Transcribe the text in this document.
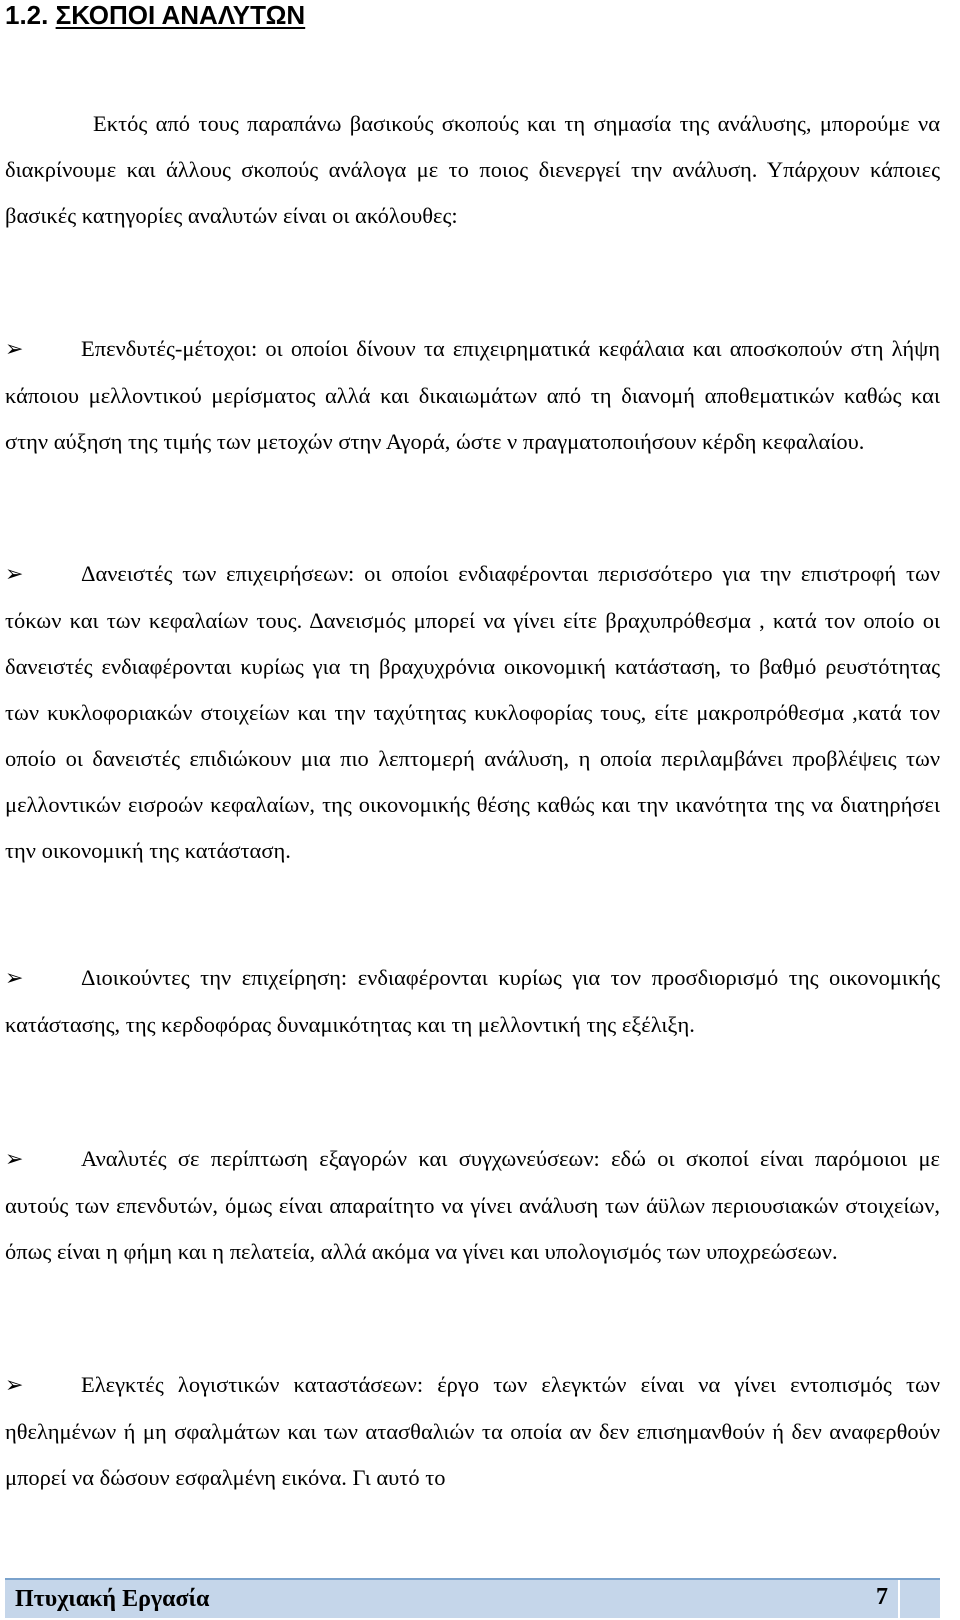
1.2. ΣΚΟΠΟΙ ΑΝΑΛΥΤΩΝ

Εκτός από τους παραπάνω βασικούς σκοπούς και τη σημασία της ανάλυσης, μπορούμε να διακρίνουμε και άλλους σκοπούς ανάλογα με το ποιος διενεργεί την ανάλυση. Υπάρχουν κάποιες βασικές κατηγορίες αναλυτών είναι οι ακόλουθες:

➢	Επενδυτές-μέτοχοι: οι οποίοι δίνουν τα επιχειρηματικά κεφάλαια και αποσκοπούν στη λήψη κάποιου μελλοντικού μερίσματος αλλά και δικαιωμάτων από τη διανομή αποθεματικών καθώς και στην αύξηση της τιμής των μετοχών στην Αγορά, ώστε ν πραγματοποιήσουν κέρδη κεφαλαίου.

➢	Δανειστές των επιχειρήσεων: οι οποίοι ενδιαφέρονται περισσότερο για την επιστροφή των τόκων και των κεφαλαίων τους. Δανεισμός μπορεί να γίνει είτε βραχυπρόθεσμα , κατά τον οποίο οι δανειστές ενδιαφέρονται κυρίως για τη βραχυχρόνια οικονομική κατάσταση, το βαθμό ρευστότητας των κυκλοφοριακών στοιχείων και την ταχύτητας κυκλοφορίας τους, είτε μακροπρόθεσμα ,κατά τον οποίο οι δανειστές επιδιώκουν μια πιο λεπτομερή ανάλυση, η οποία περιλαμβάνει προβλέψεις των μελλοντικών εισροών κεφαλαίων, της οικονομικής θέσης καθώς και την ικανότητα της να διατηρήσει την οικονομική της κατάσταση.

➢	Διοικούντες την επιχείρηση: ενδιαφέρονται κυρίως για τον προσδιορισμό της οικονομικής κατάστασης, της κερδοφόρας δυναμικότητας και τη μελλοντική της εξέλιξη.

➢	Αναλυτές σε περίπτωση εξαγορών και συγχωνεύσεων: εδώ οι σκοποί είναι παρόμοιοι με αυτούς των επενδυτών, όμως είναι απαραίτητο να γίνει ανάλυση των άϋλων περιουσιακών στοιχείων, όπως είναι η φήμη και η πελατεία, αλλά ακόμα να γίνει και υπολογισμός των υποχρεώσεων.

➢	Ελεγκτές λογιστικών καταστάσεων: έργο των ελεγκτών είναι να γίνει εντοπισμός των ηθελημένων ή μη σφαλμάτων και των ατασθαλιών τα οποία αν δεν επισημανθούν ή δεν αναφερθούν μπορεί να δώσουν εσφαλμένη εικόνα. Γι αυτό το

Πτυχιακή Εργασία	7
